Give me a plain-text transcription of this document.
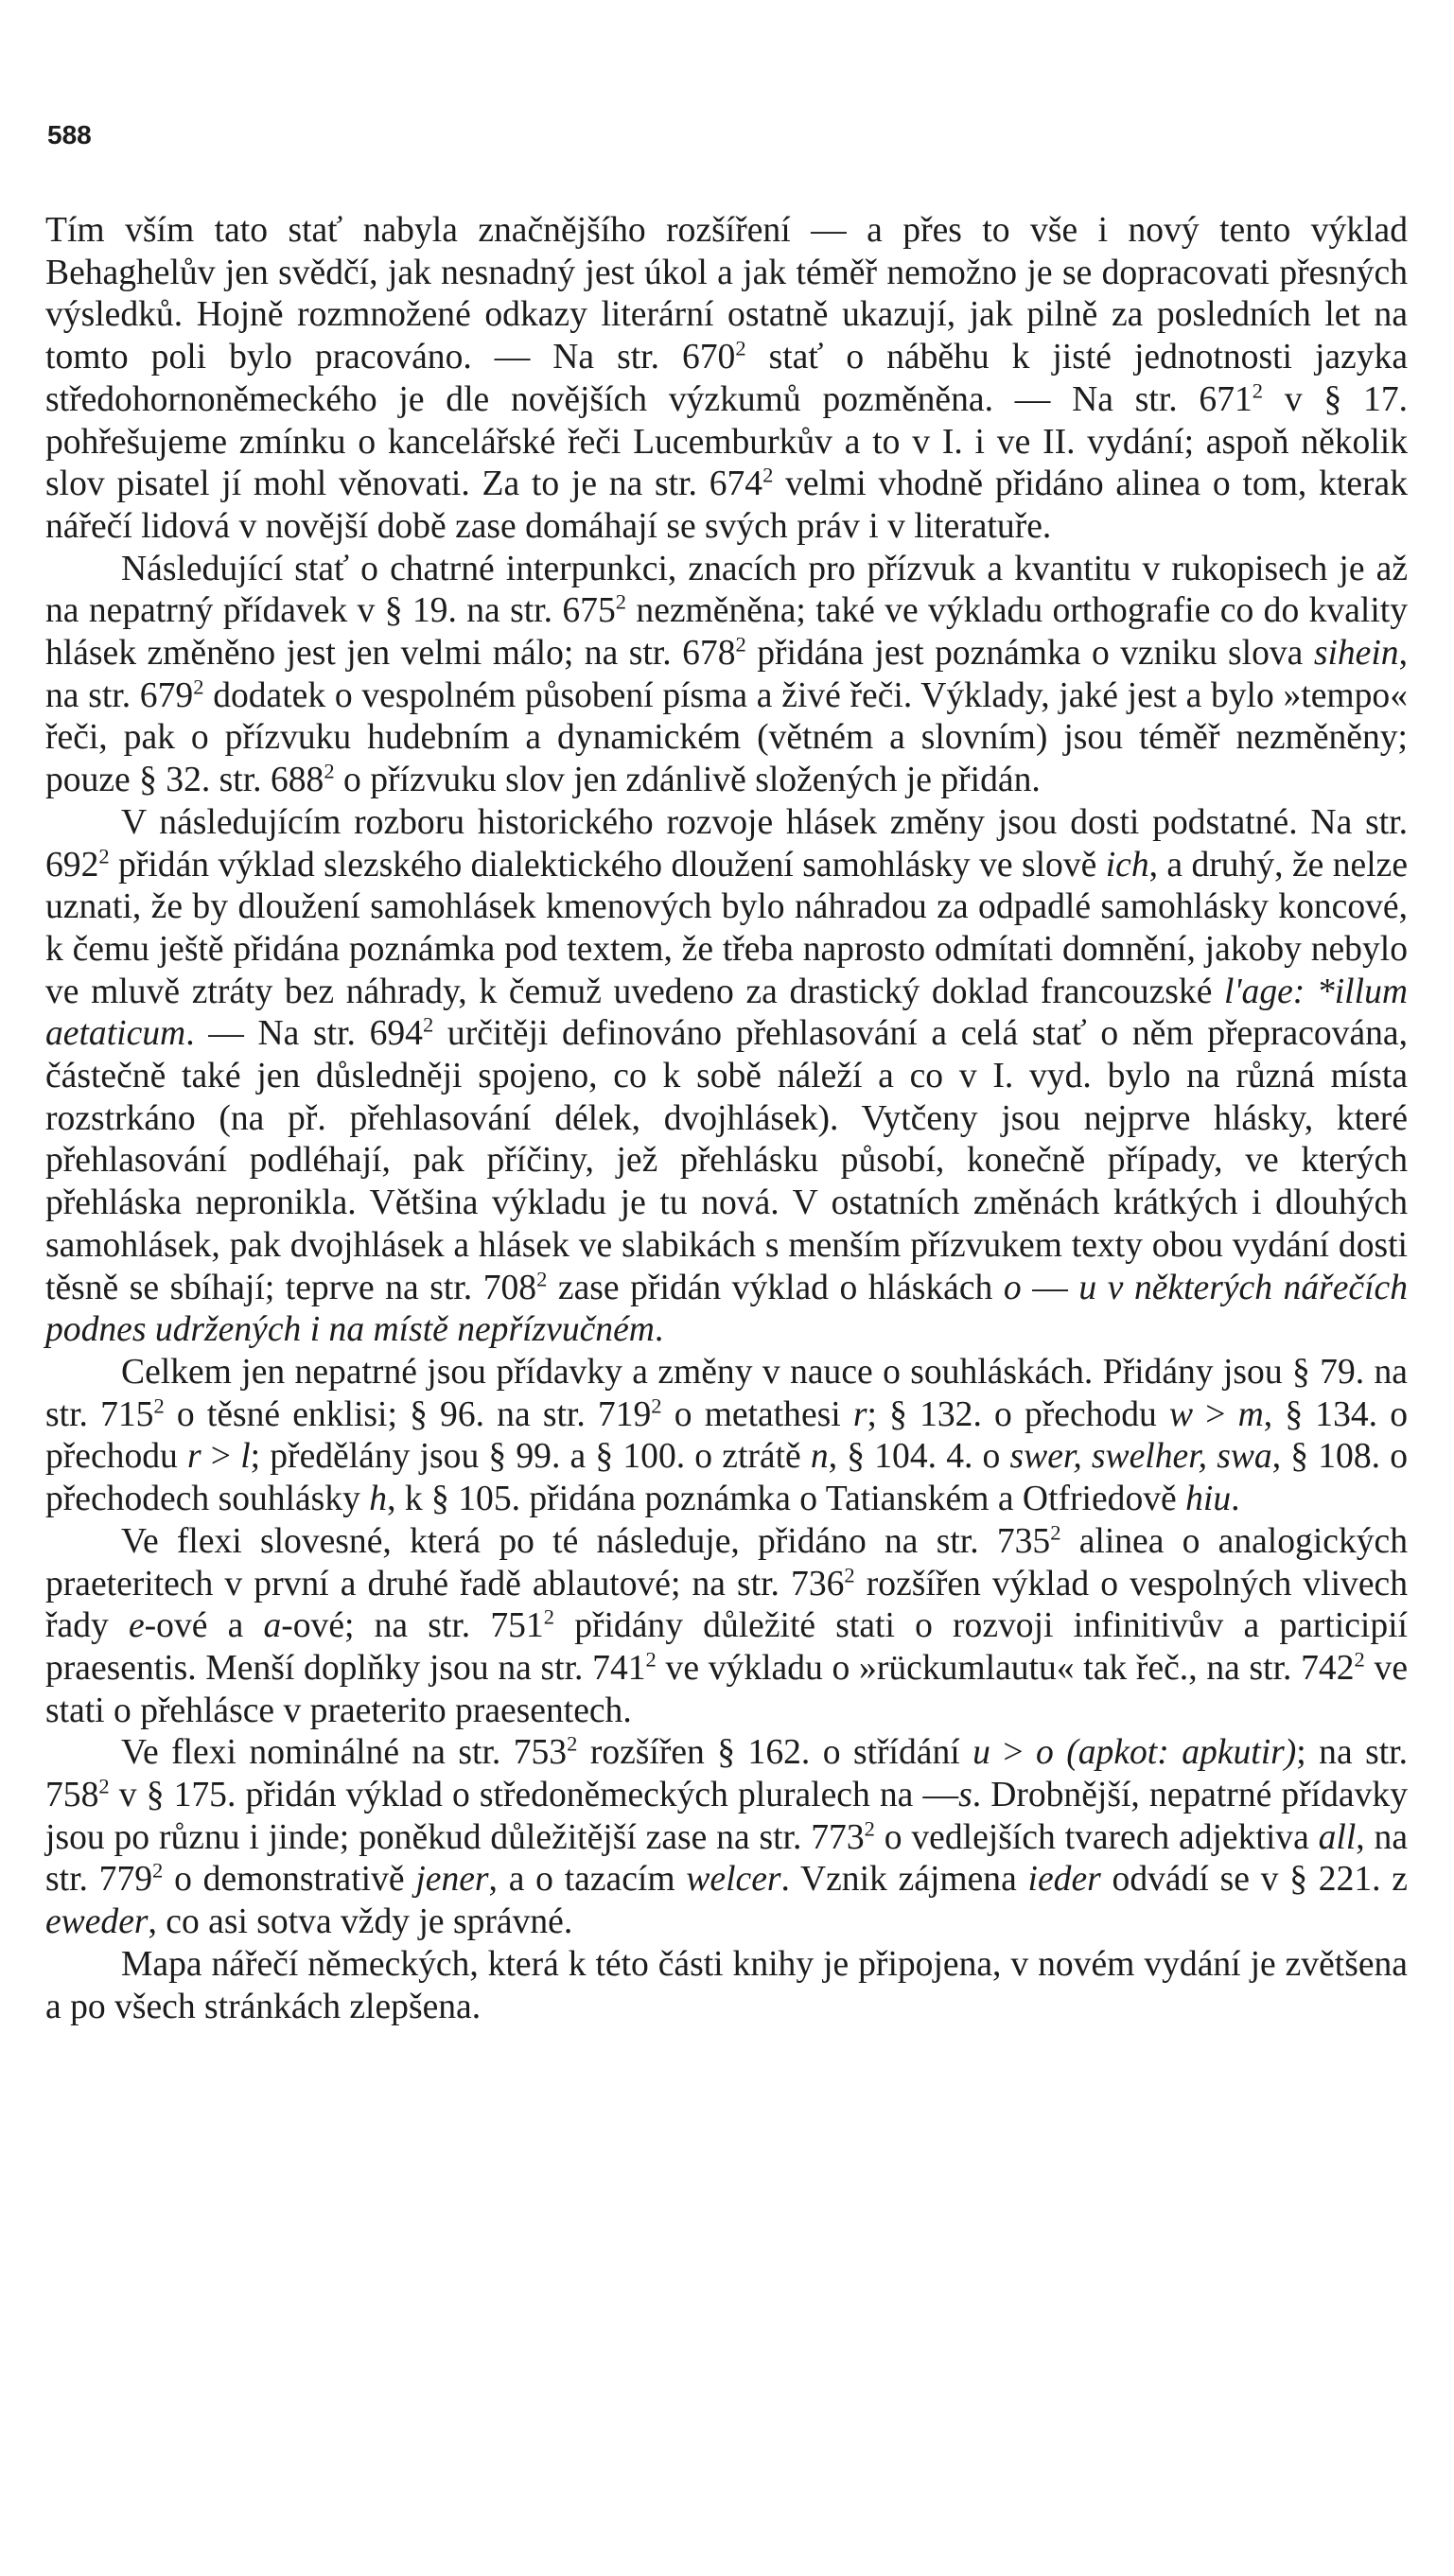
588

Tím vším tato stať nabyla značnějšího rozšíření — a přes to vše i nový tento výklad Behaghelův jen svědčí, jak nesnadný jest úkol a jak téměř nemožno je se dopracovati přesných výsledků. Hojně rozmnožené odkazy literární ostatně ukazují, jak pilně za posledních let na tomto poli bylo pracováno. — Na str. $670^2$ stať o náběhu k jisté jednotnosti jazyka středohornoněmeckého je dle novějších výzkumů pozměněna. — Na str. $671^2$ v § 17. pohřešujeme zmínku o kancelářské řeči Lucemburkův a to v I. i ve II. vydání; aspoň několik slov pisatel jí mohl věnovati. Za to je na str. $674^2$ velmi vhodně přidáno alinea o tom, kterak nářečí lidová v novější době zase domáhají se svých práv i v literatuře.

Následující stať o chatrné interpunkci, znacích pro přízvuk a kvantitu v rukopisech je až na nepatrný přídavek v § 19. na str. $675^2$ nezměněna; také ve výkladu orthografie co do kvality hlásek změněno jest jen velmi málo; na str. $678^2$ přidána jest poznámka o vzniku slova sihein, na str. $679^2$ dodatek o vespolném působení písma a živé řeči. Výklady, jaké jest a bylo »tempo« řeči, pak o přízvuku hudebním a dynamickém (větném a slovním) jsou téměř nezměněny; pouze § 32. str. $688^2$ o přízvuku slov jen zdánlivě složených je přidán.

V následujícím rozboru historického rozvoje hlásek změny jsou dosti podstatné. Na str. $692^2$ přidán výklad slezského dialektického dloužení samohlásky ve slově ich, a druhý, že nelze uznati, že by dloužení samohlásek kmenových bylo náhradou za odpadlé samohlásky koncové, k čemu ještě přidána poznámka pod textem, že třeba naprosto odmítati domnění, jakoby nebylo ve mluvě ztráty bez náhrady, k čemuž uvedeno za drastický doklad francouzské l'age: *illum aetaticum. — Na str. $694^2$ určitěji definováno přehlasování a celá stať o něm přepracována, částečně také jen důsledněji spojeno, co k sobě náleží a co v I. vyd. bylo na různá místa rozstrkáno (na př. přehlasování délek, dvojhlásek). Vytčeny jsou nejprve hlásky, které přehlasování podléhají, pak příčiny, jež přehlásku působí, konečně případy, ve kterých přehláska nepronikla. Většina výkladu je tu nová. V ostatních změnách krátkých i dlouhých samohlásek, pak dvojhlásek a hlásek ve slabikách s menším přízvukem texty obou vydání dosti těsně se sbíhají; teprve na str. $708^2$ zase přidán výklad o hláskách o — u v některých nářečích podnes udržených i na místě nepřízvučném.

Celkem jen nepatrné jsou přídavky a změny v nauce o souhláskách. Přidány jsou § 79. na str. $715^2$ o těsné enklisi; § 96. na str. $719^2$ o metathesi r; § 132. o přechodu w > m, § 134. o přechodu r > l; předělány jsou § 99. a § 100. o ztrátě n, § 104. 4. o swer, swelher, swa, § 108. o přechodech souhlásky h, k § 105. přidána poznámka o Tatianském a Otfriedově hiu.

Ve flexi slovesné, která po té následuje, přidáno na str. $735^2$ alinea o analogických praeteritech v první a druhé řadě ablautové; na str. $736^2$ rozšířen výklad o vespolných vlivech řady e-ové a a-ové; na str. $751^2$ přidány důležité stati o rozvoji infinitivův a participií praesentis. Menší doplňky jsou na str. $741^2$ ve výkladu o »rückumlautu« tak řeč., na str. $742^2$ ve stati o přehlásce v praeterito praesentech.

Ve flexi nominálné na str. $753^2$ rozšířen § 162. o střídání u > o (apkot: apkutir); na str. $758^2$ v § 175. přidán výklad o středoněmeckých pluralech na —s. Drobnější, nepatrné přídavky jsou po různu i jinde; poněkud důležitější zase na str. $773^2$ o vedlejších tvarech adjektiva all, na str. $779^2$ o demonstrativě jener, a o tazacím welcer. Vznik zájmena ieder odvádí se v § 221. z eweder, co asi sotva vždy je správné.

Mapa nářečí německých, která k této části knihy je připojena, v novém vydání je zvětšena a po všech stránkách zlepšena.
